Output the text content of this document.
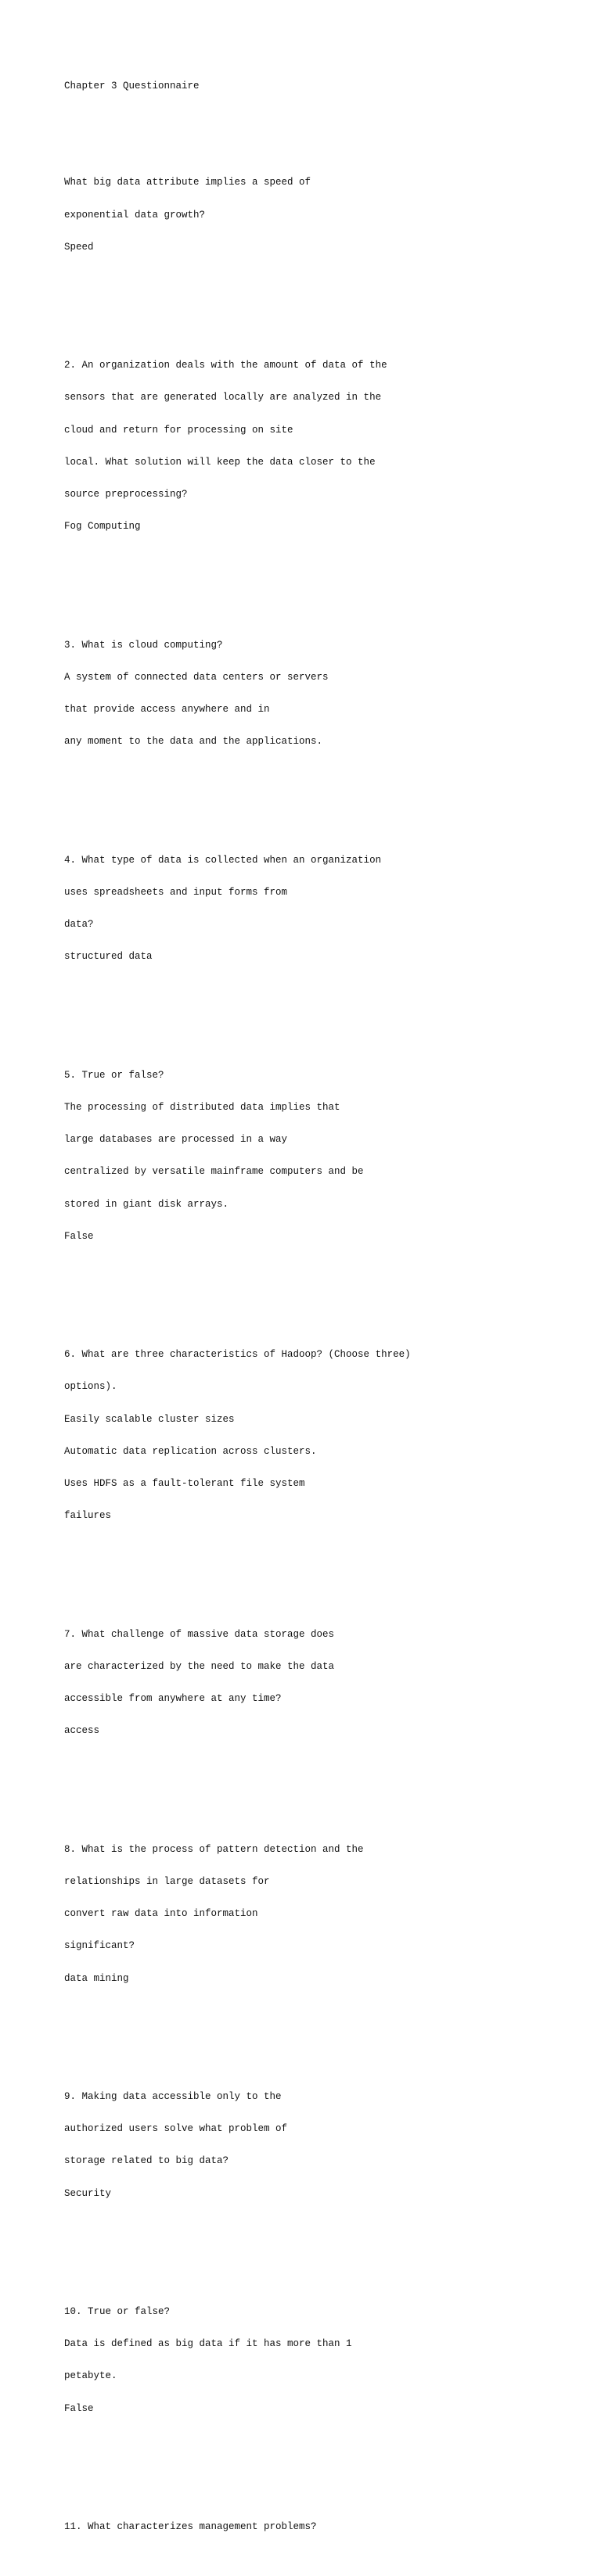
Chapter 3 Questionnaire

What big data attribute implies a speed of

exponential data growth?

Speed

2. An organization deals with the amount of data of the

sensors that are generated locally are analyzed in the

cloud and return for processing on site

local. What solution will keep the data closer to the

source preprocessing?

Fog Computing

3. What is cloud computing?

A system of connected data centers or servers

that provide access anywhere and in

any moment to the data and the applications.

4. What type of data is collected when an organization

uses spreadsheets and input forms from

data?

structured data

5. True or false?

The processing of distributed data implies that

large databases are processed in a way

centralized by versatile mainframe computers and be

stored in giant disk arrays.

False

6. What are three characteristics of Hadoop? (Choose three)

options).

Easily scalable cluster sizes

Automatic data replication across clusters.

Uses HDFS as a fault-tolerant file system

failures

7. What challenge of massive data storage does

are characterized by the need to make the data

accessible from anywhere at any time?

access

8. What is the process of pattern detection and the

relationships in large datasets for

convert raw data into information

significant?

data mining

9. Making data accessible only to the

authorized users solve what problem of

storage related to big data?

Security

10. True or false?

Data is defined as big data if it has more than 1

petabyte.

False

11. What characterizes management problems?
